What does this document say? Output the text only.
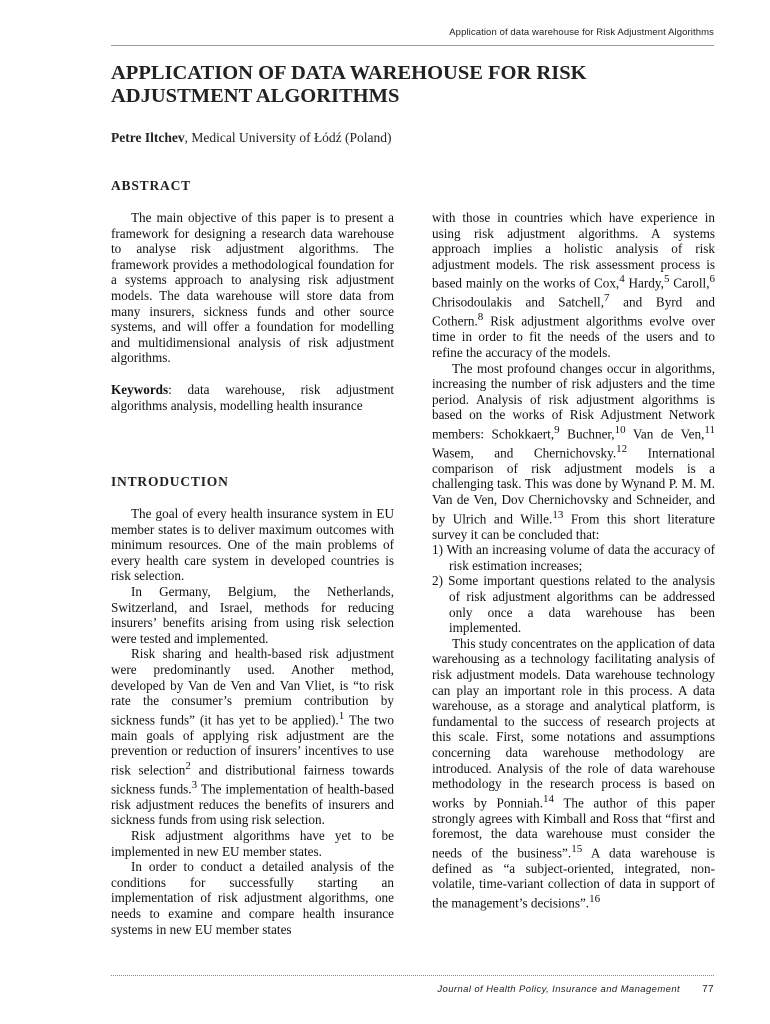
Application of data warehouse for Risk Adjustment Algorithms
APPLICATION OF DATA WAREHOUSE FOR RISK
ADJUSTMENT ALGORITHMS
Petre Iltchev, Medical University of Łódź (Poland)
ABSTRACT

The main objective of this paper is to present a framework for designing a research data warehouse to analyse risk adjustment algorithms. The framework provides a methodological foundation for a systems approach to analysing risk adjustment models. The data warehouse will store data from many insurers, sickness funds and other source systems, and will offer a foundation for modelling and multidimensional analysis of risk adjustment algorithms.

Keywords: data warehouse, risk adjustment algorithms analysis, modelling health insurance

INTRODUCTION

The goal of every health insurance system in EU member states is to deliver maximum outcomes with minimum resources. One of the main problems of every health care system in developed countries is risk selection.

In Germany, Belgium, the Netherlands, Switzerland, and Israel, methods for reducing insurers’ benefits arising from using risk selection were tested and implemented.

Risk sharing and health-based risk adjustment were predominantly used. Another method, developed by Van de Ven and Van Vliet, is “to risk rate the consumer’s premium contribution by sickness funds” (it has yet to be applied).$^1$ The two main goals of applying risk adjustment are the prevention or reduction of insurers’ incentives to use risk selection$^2$ and distributional fairness towards sickness funds.$^3$ The implementation of health-based risk adjustment reduces the benefits of insurers and sickness funds from using risk selection.

Risk adjustment algorithms have yet to be implemented in new EU member states.

In order to conduct a detailed analysis of the conditions for successfully starting an implementation of risk adjustment algorithms, one needs to examine and compare health insurance systems in new EU member states

with those in countries which have experience in using risk adjustment algorithms. A systems approach implies a holistic analysis of risk adjustment models. The risk assessment process is based mainly on the works of Cox,$^4$ Hardy,$^5$ Caroll,$^6$ Chrisodoulakis and Satchell,$^7$ and Byrd and Cothern.$^8$ Risk adjustment algorithms evolve over time in order to fit the needs of the users and to refine the accuracy of the models.

The most profound changes occur in algorithms, increasing the number of risk adjusters and the time period. Analysis of risk adjustment algorithms is based on the works of Risk Adjustment Network members: Schokkaert,$^9$ Buchner,$^{10}$ Van de Ven,$^{11}$ Wasem, and Chernichovsky.$^{12}$ International comparison of risk adjustment models is a challenging task. This was done by Wynand P. M. M. Van de Ven, Dov Chernichovsky and Schneider, and by Ulrich and Wille.$^{13}$ From this short literature survey it can be concluded that:

1) With an increasing volume of data the accuracy of risk estimation increases;
2) Some important questions related to the analysis of risk adjustment algorithms can be addressed only once a data warehouse has been implemented.

This study concentrates on the application of data warehousing as a technology facilitating analysis of risk adjustment models. Data warehouse technology can play an important role in this process. A data warehouse, as a storage and analytical platform, is fundamental to the success of research projects at this scale. First, some notations and assumptions concerning data warehouse methodology are introduced. Analysis of the role of data warehouse methodology in the research process is based on works by Ponniah.$^{14}$ The author of this paper strongly agrees with Kimball and Ross that “first and foremost, the data warehouse must consider the needs of the business”.$^{15}$ A data warehouse is defined as “a subject-oriented, integrated, non-volatile, time-variant collection of data in support of the management’s decisions”.$^{16}$

Journal of Health Policy, Insurance and Management 77
